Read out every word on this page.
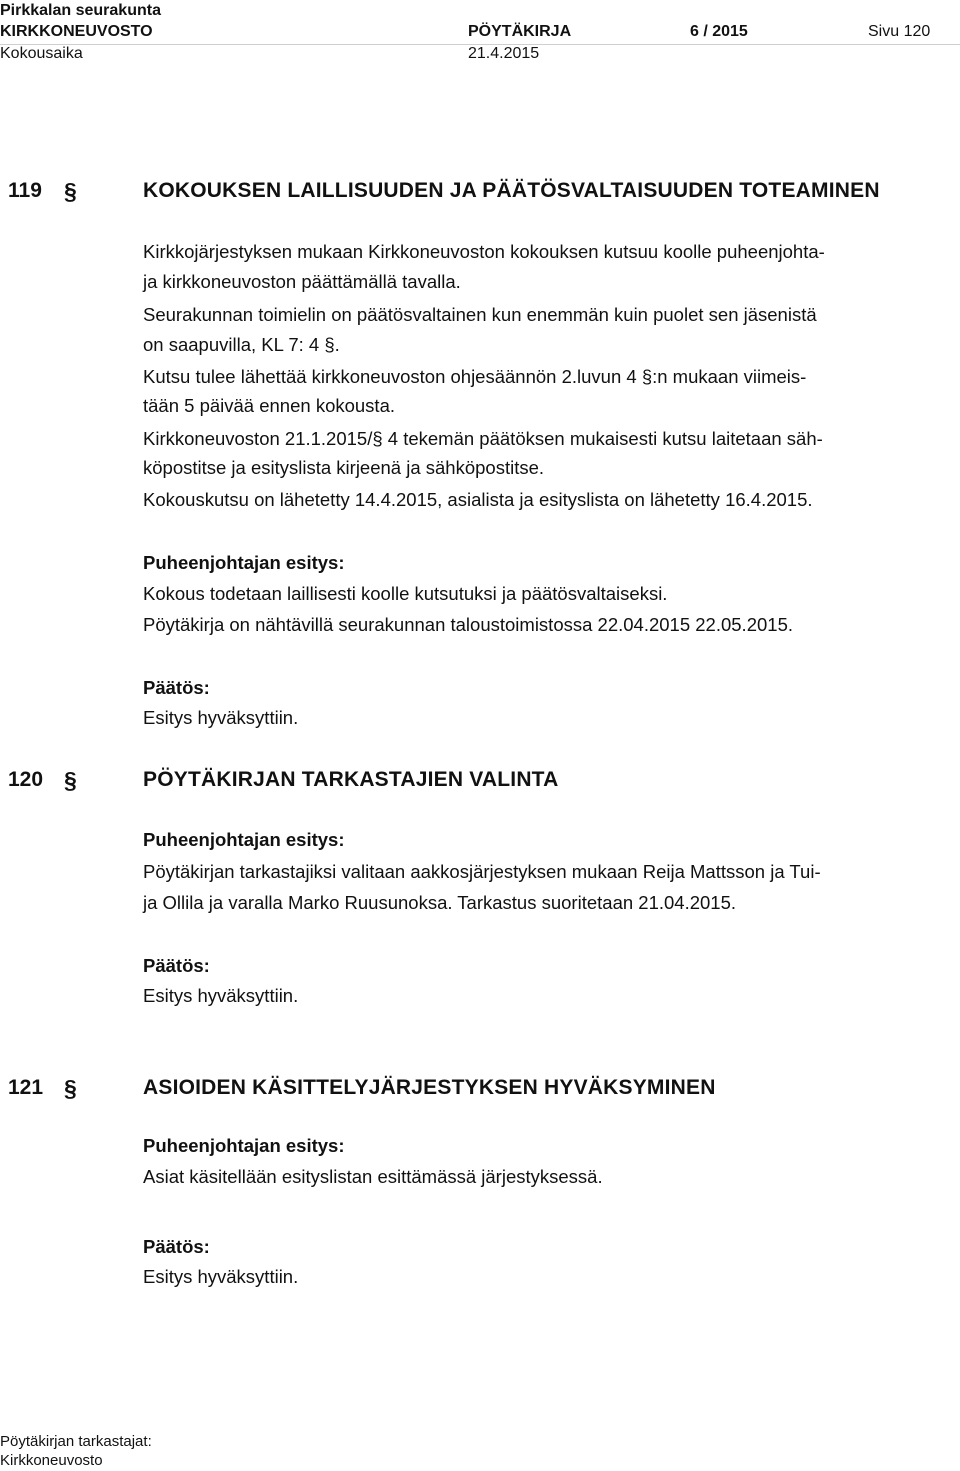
Pirkkalan seurakunta
KIRKKONEUVOSTO	PÖYTÄKIRJA	6 / 2015	Sivu 120
Kokousaika	21.4.2015
119 §	KOKOUKSEN LAILLISUUDEN JA PÄÄTÖSVALTAISUUDEN TOTEAMINEN
Kirkkojärjestyksen mukaan Kirkkoneuvoston kokouksen kutsuu koolle puheenjohta-
ja kirkkoneuvoston päättämällä tavalla.
Seurakunnan toimielin on päätösvaltainen kun enemmän kuin puolet sen jäsenistä
on saapuvilla, KL 7: 4 §.
Kutsu tulee lähettää kirkkoneuvoston ohjesäännön 2.luvun 4 §:n mukaan viimeis-
tään 5 päivää ennen kokousta.
Kirkkoneuvoston 21.1.2015/§ 4 tekemän päätöksen mukaisesti kutsu laitetaan säh-
köpostitse ja esityslista kirjeenä ja sähköpostitse.
Kokouskutsu on lähetetty 14.4.2015, asialista ja esityslista on lähetetty 16.4.2015.
Puheenjohtajan esitys:
Kokous todetaan laillisesti koolle kutsutuksi ja päätösvaltaiseksi.
Pöytäkirja on nähtävillä seurakunnan taloustoimistossa 22.04.2015 22.05.2015.
Päätös:
Esitys hyväksyttiin.
120 §	PÖYTÄKIRJAN TARKASTAJIEN VALINTA
Puheenjohtajan esitys:
Pöytäkirjan tarkastajiksi valitaan aakkosjärjestyksen mukaan Reija Mattsson ja Tui-
ja Ollila ja varalla Marko Ruusunoksa. Tarkastus suoritetaan 21.04.2015.
Päätös:
Esitys hyväksyttiin.
121 §	ASIOIDEN KÄSITTELYJÄRJESTYKSEN HYVÄKSYMINEN
Puheenjohtajan esitys:
Asiat käsitellään esityslistan esittämässä järjestyksessä.
Päätös:
Esitys hyväksyttiin.
Pöytäkirjan tarkastajat:
Kirkkoneuvosto
